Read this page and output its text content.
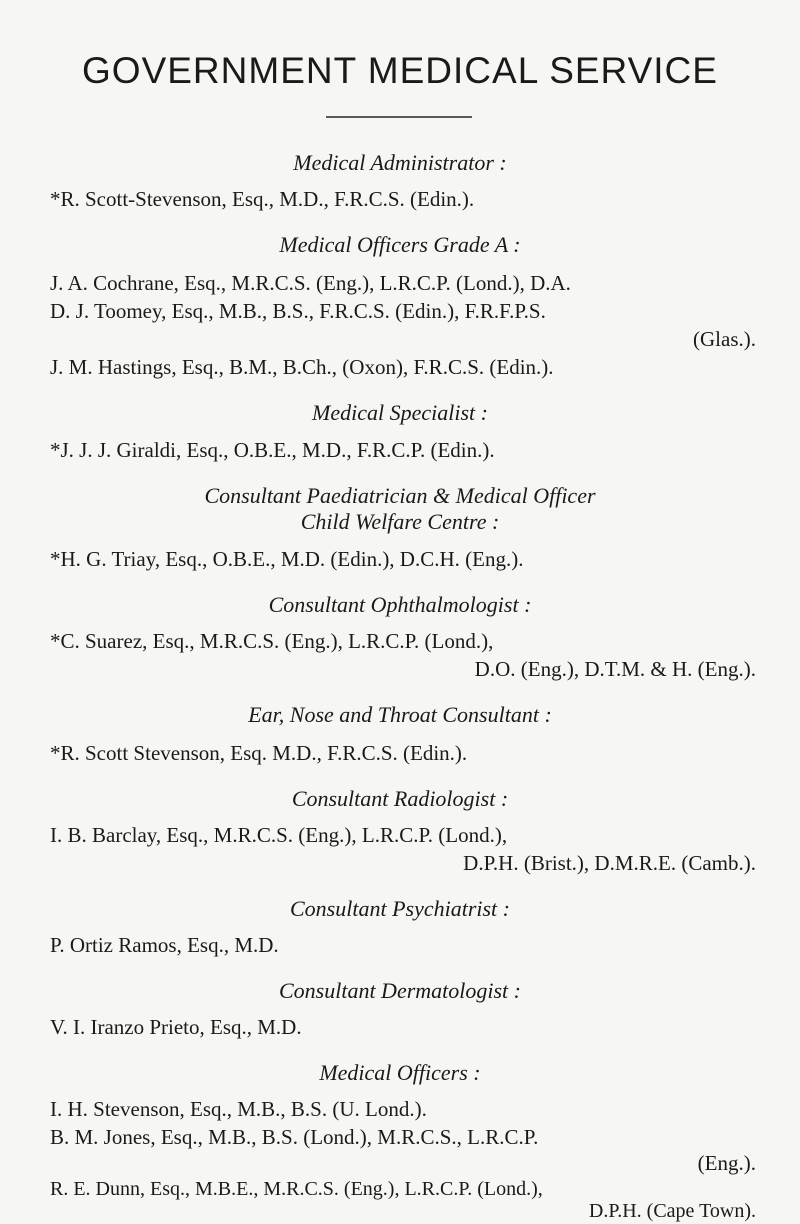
GOVERNMENT MEDICAL SERVICE
Medical Administrator :
*R. Scott-Stevenson, Esq., M.D., F.R.C.S. (Edin.).
Medical Officers Grade A :
J. A. Cochrane, Esq., M.R.C.S. (Eng.), L.R.C.P. (Lond.), D.A.
D. J. Toomey, Esq., M.B., B.S., F.R.C.S. (Edin.), F.R.F.P.S.
(Glas.).
J. M. Hastings, Esq., B.M., B.Ch., (Oxon), F.R.C.S. (Edin.).
Medical Specialist :
*J. J. J. Giraldi, Esq., O.B.E., M.D., F.R.C.P. (Edin.).
Consultant Paediatrician & Medical Officer
Child Welfare Centre :
*H. G. Triay, Esq., O.B.E., M.D. (Edin.), D.C.H. (Eng.).
Consultant Ophthalmologist :
*C. Suarez, Esq., M.R.C.S. (Eng.), L.R.C.P. (Lond.),
D.O. (Eng.), D.T.M. & H. (Eng.).
Ear, Nose and Throat Consultant :
*R. Scott Stevenson, Esq. M.D., F.R.C.S. (Edin.).
Consultant Radiologist :
I. B. Barclay, Esq., M.R.C.S. (Eng.), L.R.C.P. (Lond.),
D.P.H. (Brist.), D.M.R.E. (Camb.).
Consultant Psychiatrist :
P. Ortiz Ramos, Esq., M.D.
Consultant Dermatologist :
V. I. Iranzo Prieto, Esq., M.D.
Medical Officers :
I. H. Stevenson, Esq., M.B., B.S. (U. Lond.).
B. M. Jones, Esq., M.B., B.S. (Lond.), M.R.C.S., L.R.C.P.
(Eng.).
R. E. Dunn, Esq., M.B.E., M.R.C.S. (Eng.), L.R.C.P. (Lond.),
D.P.H. (Cape Town).
